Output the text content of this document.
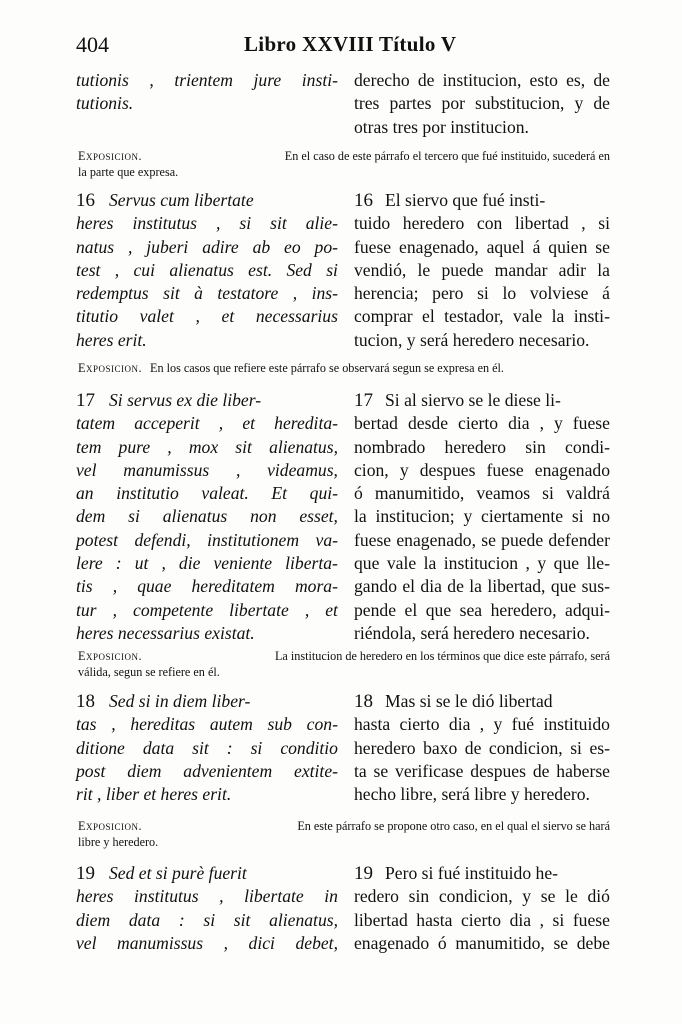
404	Libro XXVIII Título V
tutionis , trientem jure insti-
tutionis.
derecho de institucion, esto es, de
tres partes por substitucion, y de
otras tres por institucion.
Exposicion.	En el caso de este párrafo el tercero que fué instituido, sucederá en
la parte que expresa.
16 Servus cum libertate
heres institutus , si sit alie-
natus , juberi adire ab eo po-
test , cui alienatus est. Sed si
redemptus sit à testatore , ins-
titutio valet , et necessarius
heres erit.
16 El siervo que fué insti-
tuido heredero con libertad , si
fuese enagenado, aquel á quien se
vendió, le puede mandar adir la
herencia; pero si lo volviese á
comprar el testador, vale la insti-
tucion, y será heredero necesario.
Exposicion. En los casos que refiere este párrafo se observará segun se expresa en él.
17 Si servus ex die liber-
tatem acceperit , et heredita-
tem pure , mox sit alienatus,
vel manumissus , videamus,
an institutio valeat. Et qui-
dem si alienatus non esset,
potest defendi, institutionem va-
lere : ut , die veniente liberta-
tis , quae hereditatem mora-
tur , competente libertate , et
heres necessarius existat.
17 Si al siervo se le diese li-
bertad desde cierto dia , y fuese
nombrado heredero sin condi-
cion, y despues fuese enagenado
ó manumitido, veamos si valdrá
la institucion; y ciertamente si no
fuese enagenado, se puede defender
que vale la institucion , y que lle-
gando el dia de la libertad, que sus-
pende el que sea heredero, adqui-
riéndola, será heredero necesario.
Exposicion.	La institucion de heredero en los términos que dice este párrafo, será
válida, segun se refiere en él.
18 Sed si in diem liber-
tas , hereditas autem sub con-
ditione data sit : si conditio
post diem advenientem extite-
rit , liber et heres erit.
18 Mas si se le dió libertad
hasta cierto dia , y fué instituido
heredero baxo de condicion, si es-
ta se verificase despues de haberse
hecho libre, será libre y heredero.
Exposicion.	En este párrafo se propone otro caso, en el qual el siervo se hará
libre y heredero.
19 Sed et si purè fuerit
heres institutus , libertate in
diem data : si sit alienatus,
vel manumissus , dici debet,
19 Pero si fué instituido he-
redero sin condicion, y se le dió
libertad hasta cierto dia , si fuese
enagenado ó manumitido, se debe
